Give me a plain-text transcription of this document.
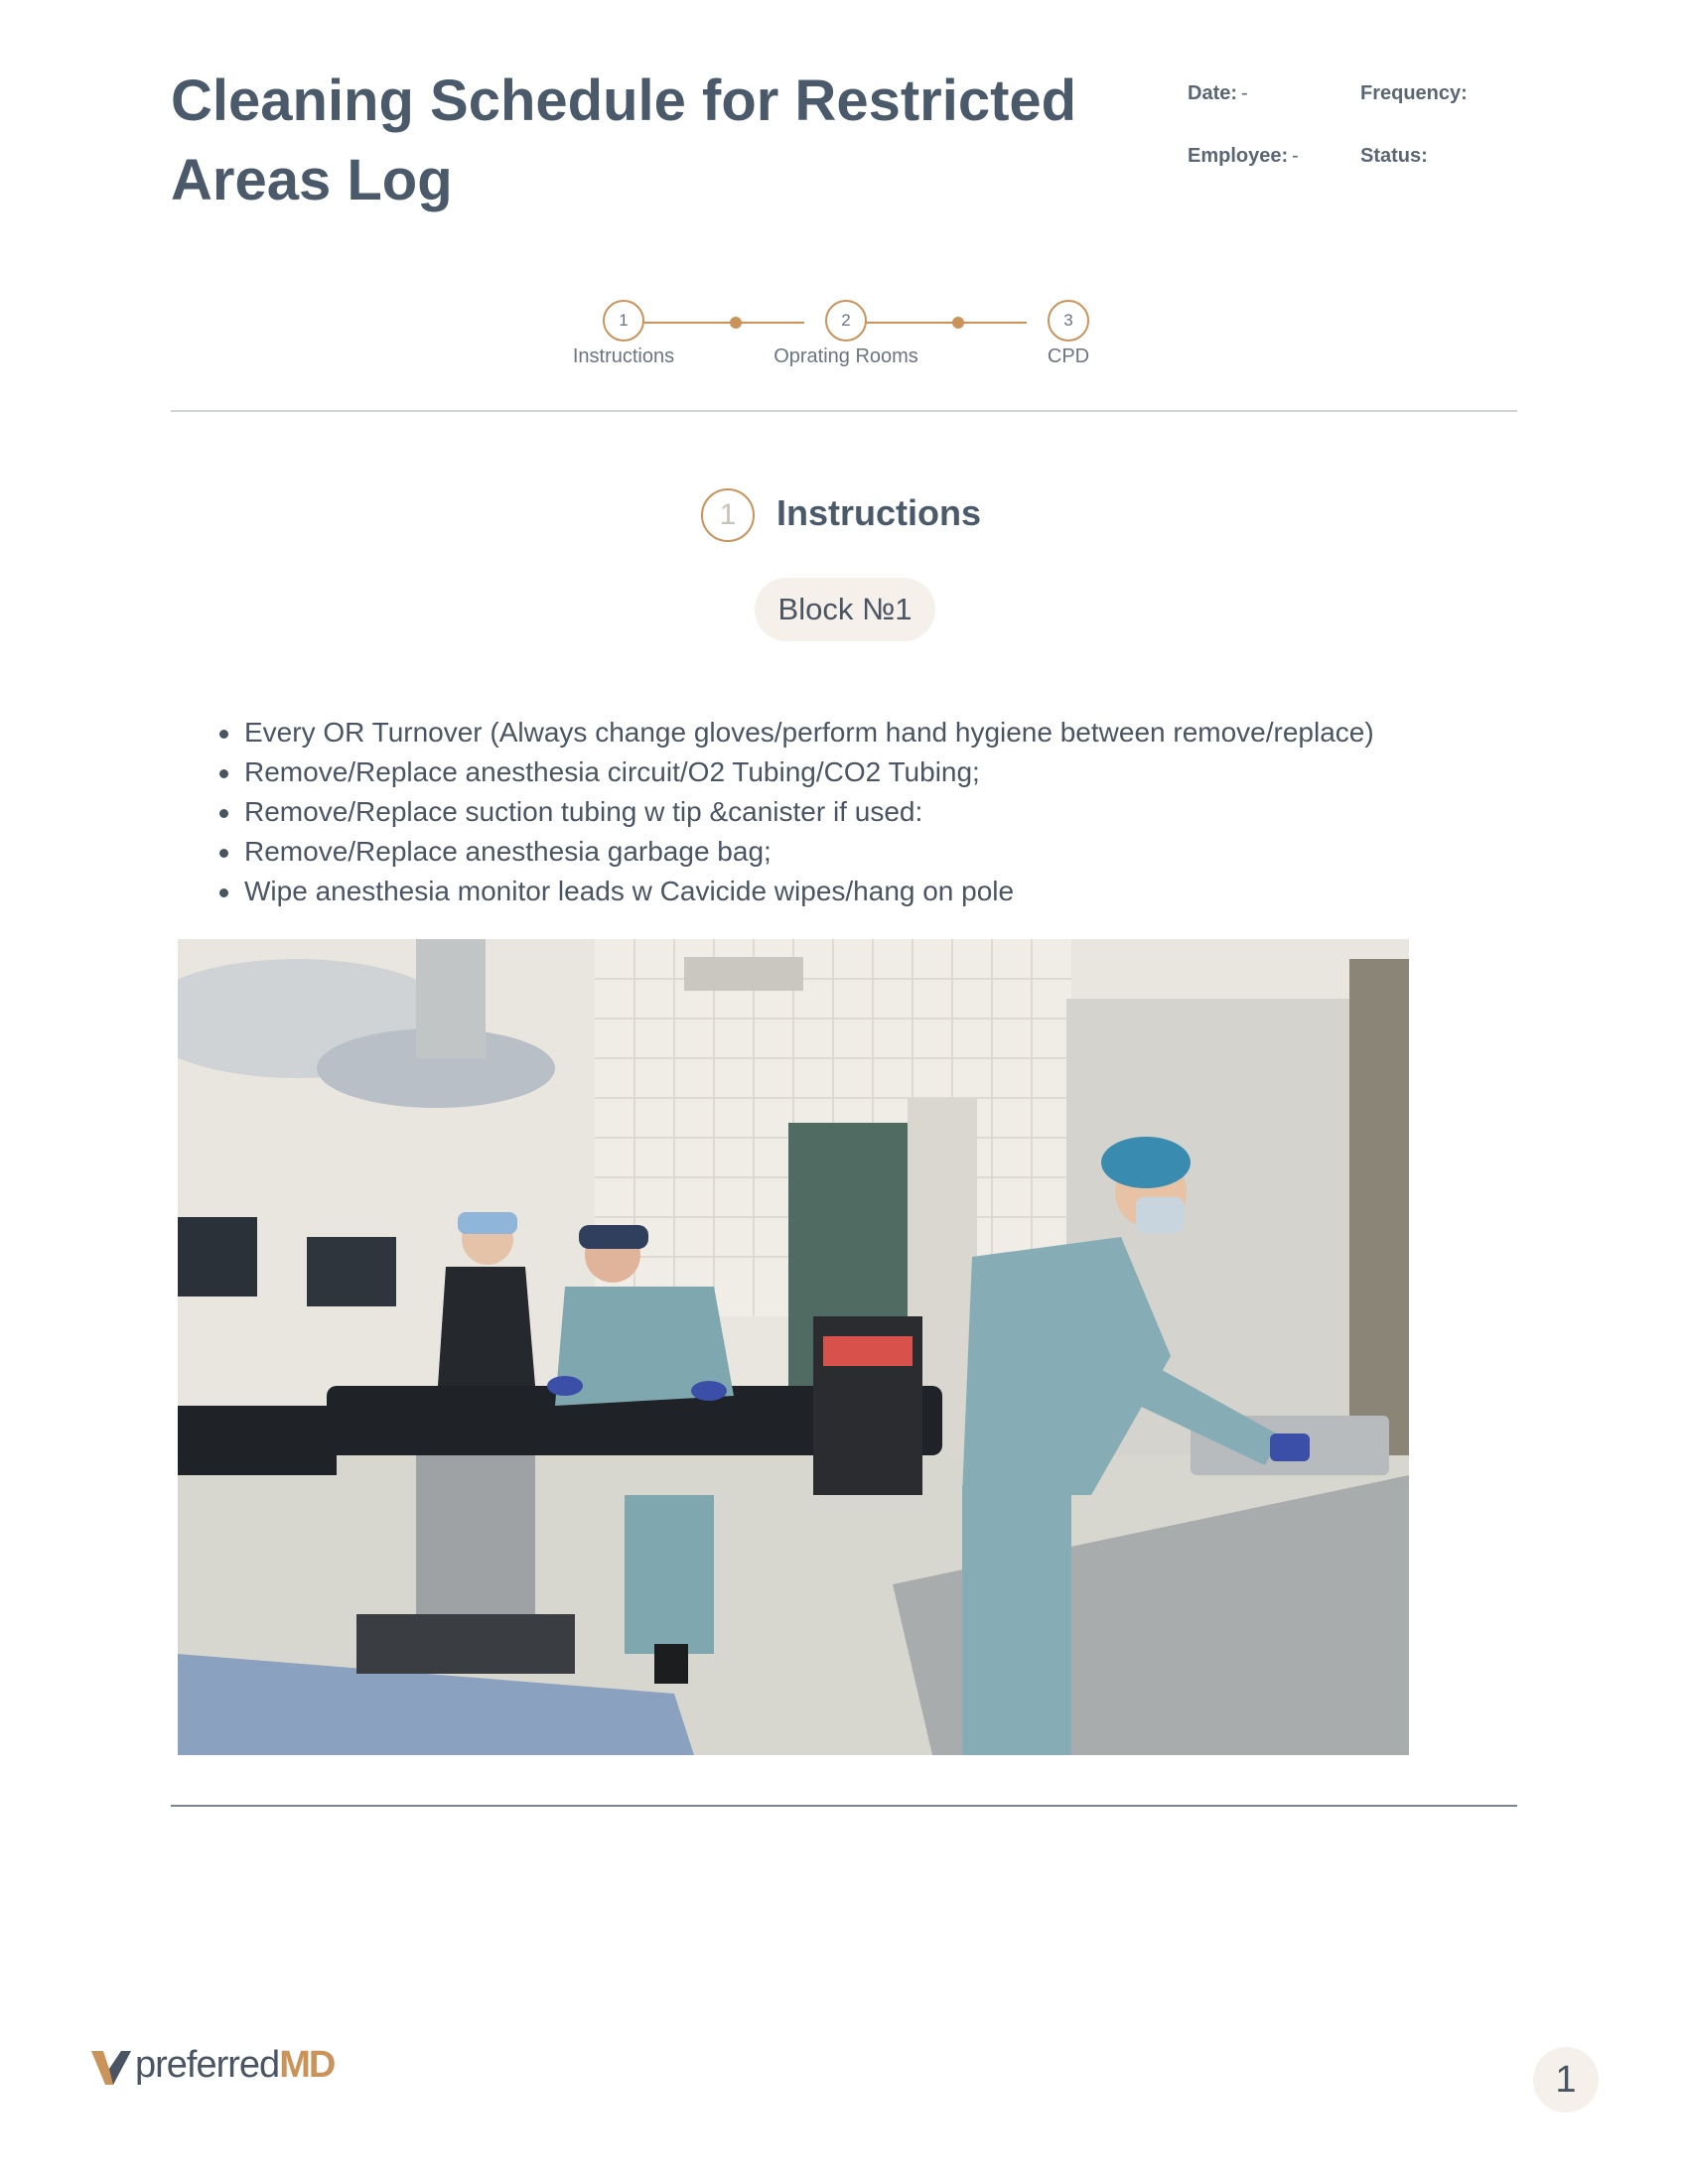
Cleaning Schedule for Restricted Areas Log
Date: -	Frequency:
Employee: -	Status:
1	2	3
Instructions	Oprating Rooms	CPD
1	Instructions
Block №1
Every OR Turnover (Always change gloves/perform hand hygiene between remove/replace)
Remove/Replace anesthesia circuit/O2 Tubing/CO2 Tubing;
Remove/Replace suction tubing w tip &canister if used:
Remove/Replace anesthesia garbage bag;
Wipe anesthesia monitor leads w Cavicide wipes/hang on pole
preferredMD	1
